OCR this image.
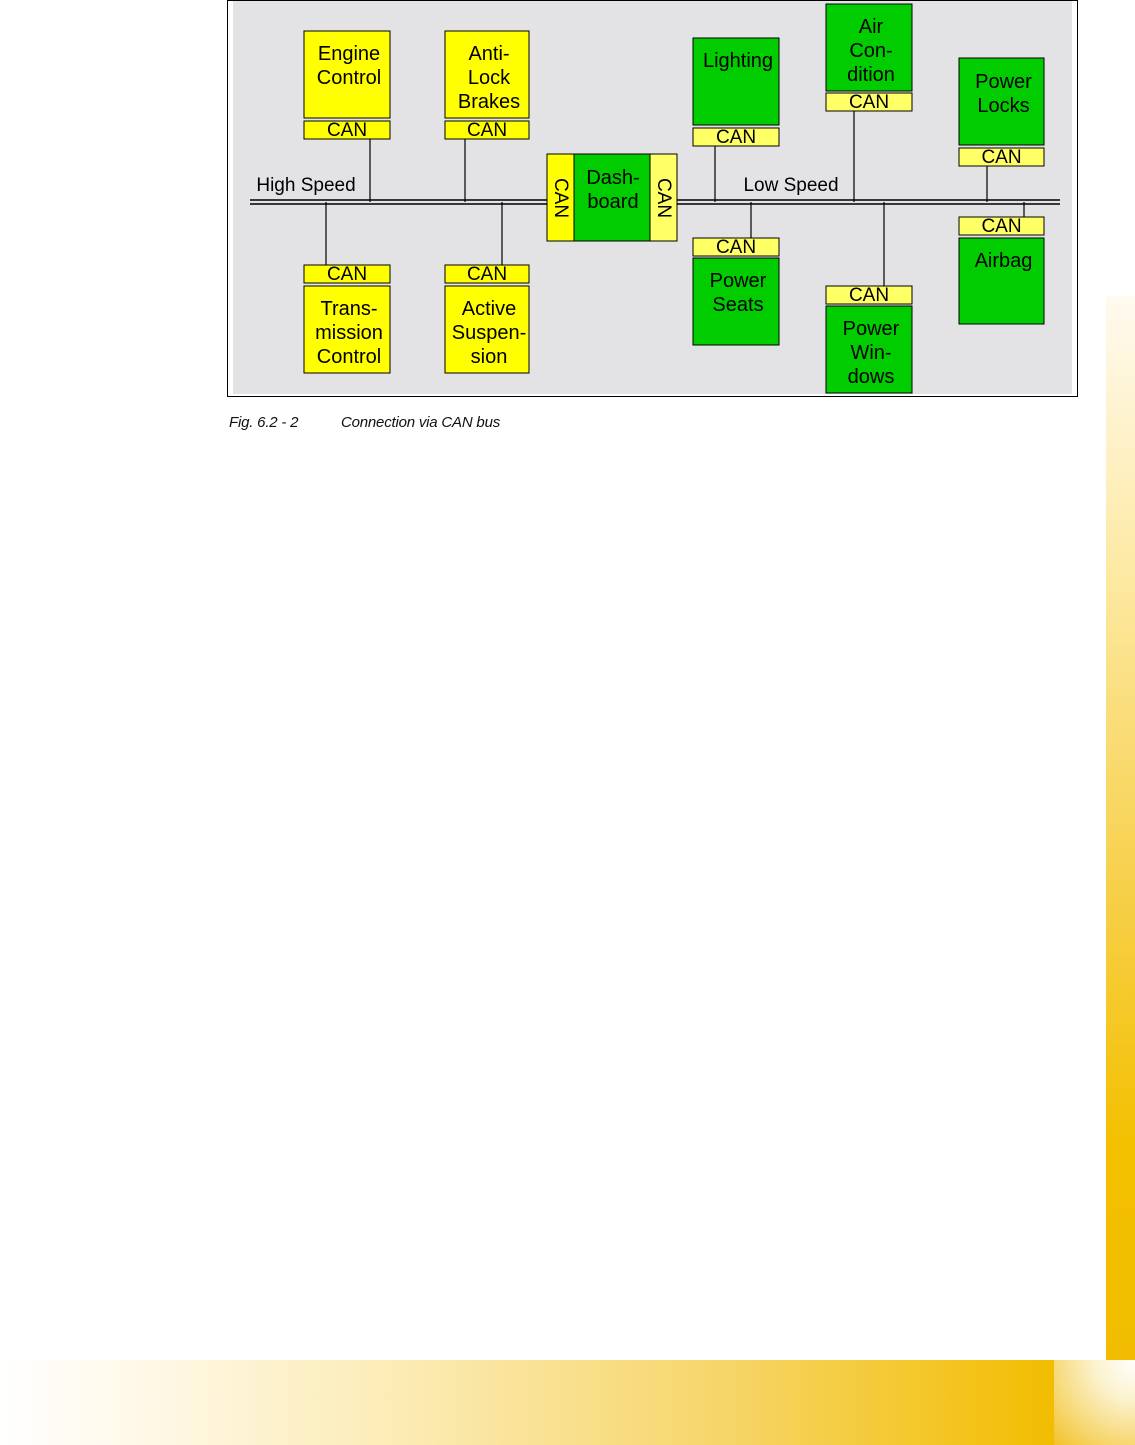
High Speed	Low Speed
CAN
Engine
Control
CAN
Anti-
Lock
Brakes
CAN
Trans-
mission
Control
CAN
Active
Suspen-
sion
CAN	CAN
Dash-
board
CAN
Lighting
CAN
Air
Con-
dition
CAN
Power
Locks
CAN
Power
Seats	CAN
Power
Win-
dows
CAN
Airbag
Fig. 6.2 - 2	Connection via CAN bus
